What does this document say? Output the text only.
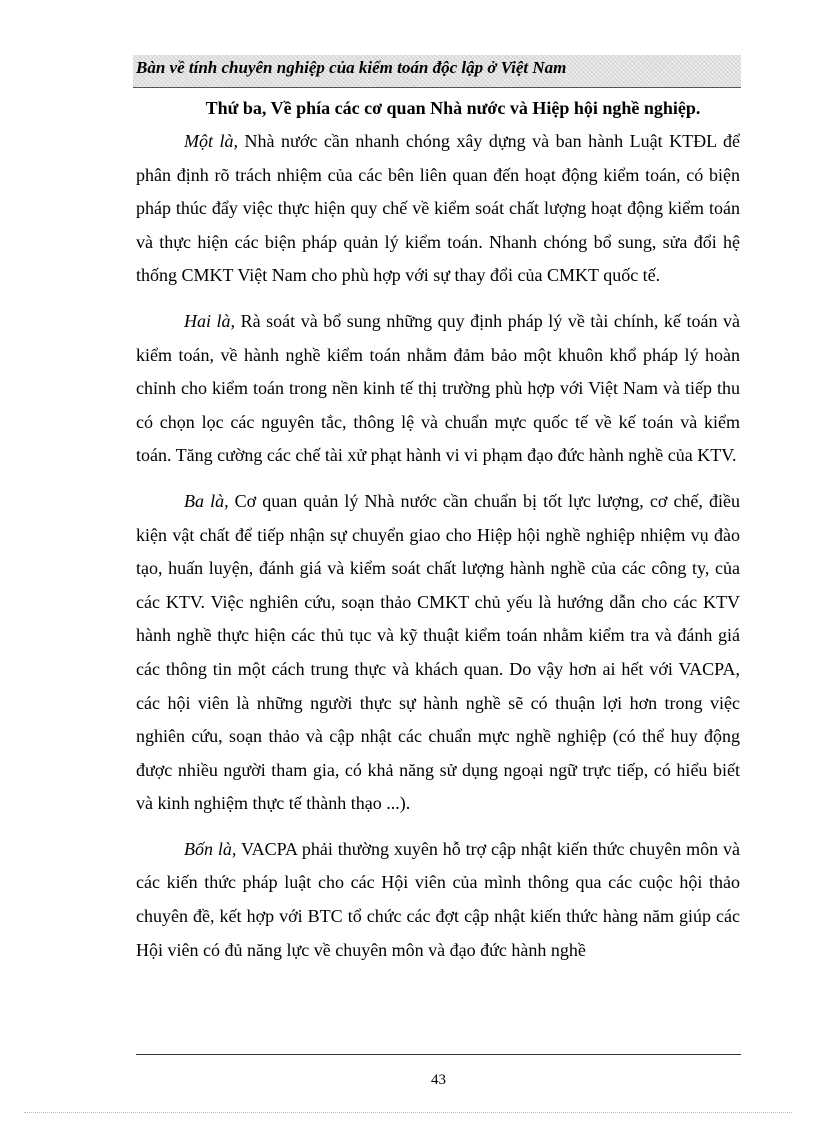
Bàn về tính chuyên nghiệp của kiểm toán độc lập ở Việt Nam

Thứ ba, Về phía các cơ quan Nhà nước và Hiệp hội nghề nghiệp.

Một là, Nhà nước cần nhanh chóng xây dựng và ban hành Luật KTĐL để phân định rõ trách nhiệm của các bên liên quan đến hoạt động kiểm toán, có biện pháp thúc đẩy việc thực hiện quy chế về kiểm soát chất lượng hoạt động kiểm toán và thực hiện các biện pháp quản lý kiểm toán. Nhanh chóng bổ sung, sửa đổi hệ thống CMKT Việt Nam cho phù hợp với sự thay đổi của CMKT quốc tế.

Hai là, Rà soát và bổ sung những quy định pháp lý về tài chính, kế toán và kiểm toán, về hành nghề kiểm toán nhằm đảm bảo một khuôn khổ pháp lý hoàn chỉnh cho kiểm toán trong nền kinh tế thị trường phù hợp với Việt Nam và tiếp thu có chọn lọc các nguyên tắc, thông lệ và chuẩn mực quốc tế về kế toán và kiểm toán. Tăng cường các chế tài xử phạt hành vi vi phạm đạo đức hành nghề của KTV.

Ba là, Cơ quan quản lý Nhà nước cần chuẩn bị tốt lực lượng, cơ chế, điều kiện vật chất để tiếp nhận sự chuyển giao cho Hiệp hội nghề nghiệp nhiệm vụ đào tạo, huấn luyện, đánh giá và kiểm soát chất lượng hành nghề của các công ty, của các KTV. Việc nghiên cứu, soạn thảo CMKT chủ yếu là hướng dẫn cho các KTV hành nghề thực hiện các thủ tục và kỹ thuật kiểm toán nhằm kiểm tra và đánh giá các thông tin một cách trung thực và khách quan. Do vậy hơn ai hết với VACPA, các hội viên là những người thực sự hành nghề sẽ có thuận lợi hơn trong việc nghiên cứu, soạn thảo và cập nhật các chuẩn mực nghề nghiệp (có thể huy động được nhiều người tham gia, có khả năng sử dụng ngoại ngữ trực tiếp, có hiểu biết và kinh nghiệm thực tế thành thạo ...).

Bốn là, VACPA phải thường xuyên hỗ trợ cập nhật kiến thức chuyên môn và các kiến thức pháp luật cho các Hội viên của mình thông qua các cuộc hội thảo chuyên đề, kết hợp với BTC tổ chức các đợt cập nhật kiến thức hàng năm giúp các Hội viên có đủ năng lực về chuyên môn và đạo đức hành nghề

43
